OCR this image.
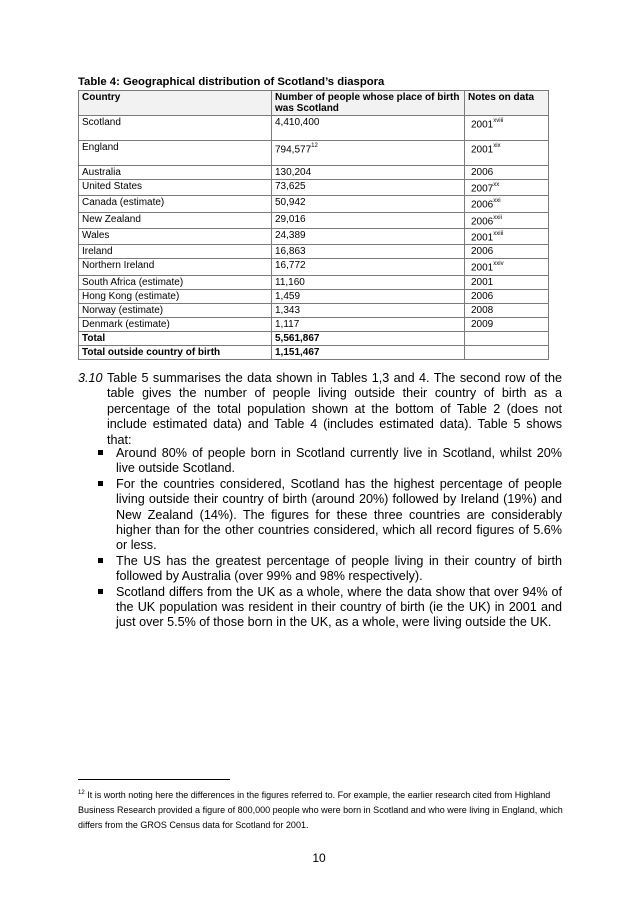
Table 4: Geographical distribution of Scotland’s diaspora
Country	Number of people whose place of birth was Scotland	Notes on data
Scotland	4,410,400	2001$^{xviii}$
England	794,577$^{12}$	2001$^{xix}$
Australia	130,204	2006
United States	73,625	2007$^{xx}$
Canada (estimate)	50,942	2006$^{xxi}$
New Zealand	29,016	2006$^{xxii}$
Wales	24,389	2001$^{xxiii}$
Ireland	16,863	2006
Northern Ireland	16,772	2001$^{xxiv}$
South Africa (estimate)	11,160	2001
Hong Kong (estimate)	1,459	2006
Norway (estimate)	1,343	2008
Denmark (estimate)	1,117	2009
Total	5,561,867	
Total outside country of birth	1,151,467	
3.10 Table 5 summarises the data shown in Tables 1,3 and 4. The second row of the table gives the number of people living outside their country of birth as a percentage of the total population shown at the bottom of Table 2 (does not include estimated data) and Table 4 (includes estimated data). Table 5 shows that:
Around 80% of people born in Scotland currently live in Scotland, whilst 20% live outside Scotland.
For the countries considered, Scotland has the highest percentage of people living outside their country of birth (around 20%) followed by Ireland (19%) and New Zealand (14%). The figures for these three countries are considerably higher than for the other countries considered, which all record figures of 5.6% or less.
The US has the greatest percentage of people living in their country of birth followed by Australia (over 99% and 98% respectively).
Scotland differs from the UK as a whole, where the data show that over 94% of the UK population was resident in their country of birth (ie the UK) in 2001 and just over 5.5% of those born in the UK, as a whole, were living outside the UK.
$^{12}$ It is worth noting here the differences in the figures referred to. For example, the earlier research cited from Highland Business Research provided a figure of 800,000 people who were born in Scotland and who were living in England, which differs from the GROS Census data for Scotland for 2001.
10
